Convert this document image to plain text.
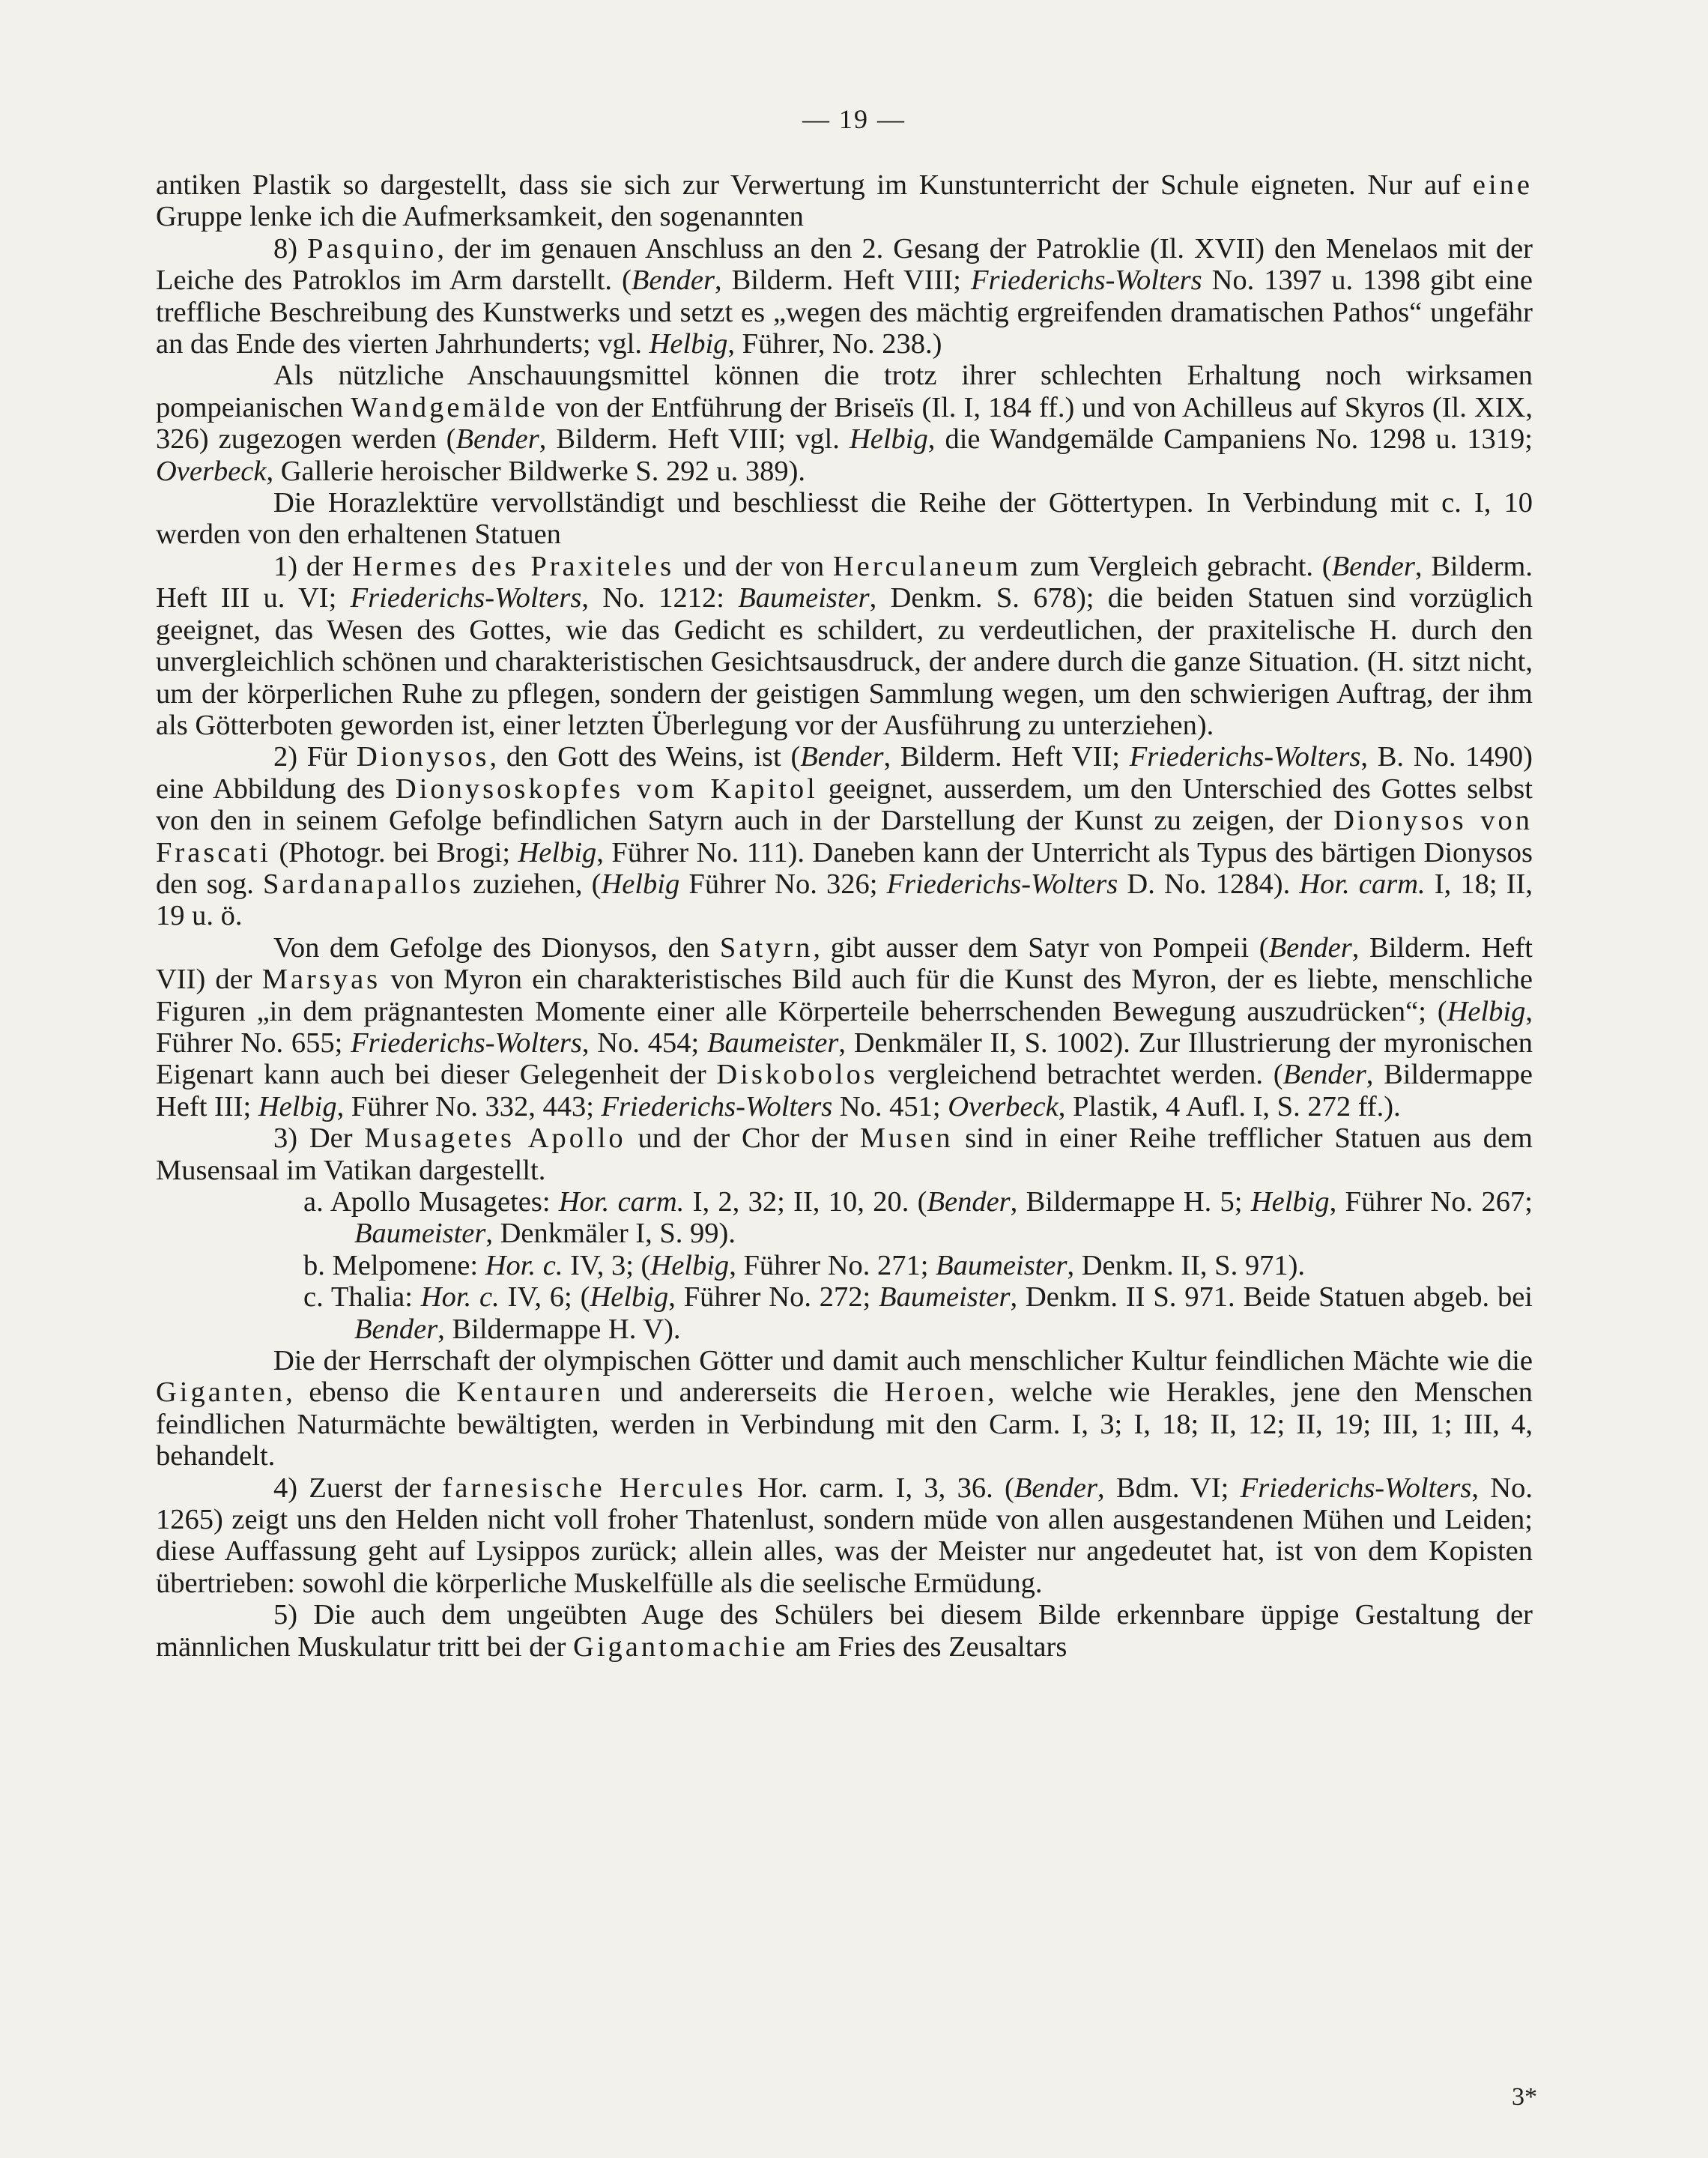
— 19 —

antiken Plastik so dargestellt, dass sie sich zur Verwertung im Kunstunterricht der Schule eigneten. Nur auf eine Gruppe lenke ich die Aufmerksamkeit, den sogenannten

8) Pasquino, der im genauen Anschluss an den 2. Gesang der Patroklie (Il. XVII) den Menelaos mit der Leiche des Patroklos im Arm darstellt. (Bender, Bilderm. Heft VIII; Friederichs-Wolters No. 1397 u. 1398 gibt eine treffliche Beschreibung des Kunstwerks und setzt es „wegen des mächtig ergreifenden dramatischen Pathos“ ungefähr an das Ende des vierten Jahrhunderts; vgl. Helbig, Führer, No. 238.)

Als nützliche Anschauungsmittel können die trotz ihrer schlechten Erhaltung noch wirksamen pompeianischen Wandgemälde von der Entführung der Briseïs (Il. I, 184 ff.) und von Achilleus auf Skyros (Il. XIX, 326) zugezogen werden (Bender, Bilderm. Heft VIII; vgl. Helbig, die Wandgemälde Campaniens No. 1298 u. 1319; Overbeck, Gallerie heroischer Bildwerke S. 292 u. 389).

Die Horazlektüre vervollständigt und beschliesst die Reihe der Göttertypen. In Verbindung mit c. I, 10 werden von den erhaltenen Statuen

1) der Hermes des Praxiteles und der von Herculaneum zum Vergleich gebracht. (Bender, Bilderm. Heft III u. VI; Friederichs-Wolters, No. 1212: Baumeister, Denkm. S. 678); die beiden Statuen sind vorzüglich geeignet, das Wesen des Gottes, wie das Gedicht es schildert, zu verdeutlichen, der praxitelische H. durch den unvergleichlich schönen und charakteristischen Gesichtsausdruck, der andere durch die ganze Situation. (H. sitzt nicht, um der körperlichen Ruhe zu pflegen, sondern der geistigen Sammlung wegen, um den schwierigen Auftrag, der ihm als Götterboten geworden ist, einer letzten Überlegung vor der Ausführung zu unterziehen).

2) Für Dionysos, den Gott des Weins, ist (Bender, Bilderm. Heft VII; Friederichs-Wolters, B. No. 1490) eine Abbildung des Dionysoskopfes vom Kapitol geeignet, ausserdem, um den Unterschied des Gottes selbst von den in seinem Gefolge befindlichen Satyrn auch in der Darstellung der Kunst zu zeigen, der Dionysos von Frascati (Photogr. bei Brogi; Helbig, Führer No. 111). Daneben kann der Unterricht als Typus des bärtigen Dionysos den sog. Sardanapallos zuziehen, (Helbig Führer No. 326; Friederichs-Wolters D. No. 1284). Hor. carm. I, 18; II, 19 u. ö.

Von dem Gefolge des Dionysos, den Satyrn, gibt ausser dem Satyr von Pompeii (Bender, Bilderm. Heft VII) der Marsyas von Myron ein charakteristisches Bild auch für die Kunst des Myron, der es liebte, menschliche Figuren „in dem prägnantesten Momente einer alle Körperteile beherrschenden Bewegung auszudrücken“; (Helbig, Führer No. 655; Friederichs-Wolters, No. 454; Baumeister, Denkmäler II, S. 1002). Zur Illustrierung der myronischen Eigenart kann auch bei dieser Gelegenheit der Diskobolos vergleichend betrachtet werden. (Bender, Bildermappe Heft III; Helbig, Führer No. 332, 443; Friederichs-Wolters No. 451; Overbeck, Plastik, 4 Aufl. I, S. 272 ff.).

3) Der Musagetes Apollo und der Chor der Musen sind in einer Reihe trefflicher Statuen aus dem Musensaal im Vatikan dargestellt.

a. Apollo Musagetes: Hor. carm. I, 2, 32; II, 10, 20. (Bender, Bildermappe H. 5; Helbig, Führer No. 267; Baumeister, Denkmäler I, S. 99).

b. Melpomene: Hor. c. IV, 3; (Helbig, Führer No. 271; Baumeister, Denkm. II, S. 971).

c. Thalia: Hor. c. IV, 6; (Helbig, Führer No. 272; Baumeister, Denkm. II S. 971. Beide Statuen abgeb. bei Bender, Bildermappe H. V).

Die der Herrschaft der olympischen Götter und damit auch menschlicher Kultur feindlichen Mächte wie die Giganten, ebenso die Kentauren und andererseits die Heroen, welche wie Herakles, jene den Menschen feindlichen Naturmächte bewältigten, werden in Verbindung mit den Carm. I, 3; I, 18; II, 12; II, 19; III, 1; III, 4, behandelt.

4) Zuerst der farnesische Hercules Hor. carm. I, 3, 36. (Bender, Bdm. VI; Friederichs-Wolters, No. 1265) zeigt uns den Helden nicht voll froher Thatenlust, sondern müde von allen ausgestandenen Mühen und Leiden; diese Auffassung geht auf Lysippos zurück; allein alles, was der Meister nur angedeutet hat, ist von dem Kopisten übertrieben: sowohl die körperliche Muskelfülle als die seelische Ermüdung.

5) Die auch dem ungeübten Auge des Schülers bei diesem Bilde erkennbare üppige Gestaltung der männlichen Muskulatur tritt bei der Gigantomachie am Fries des Zeusaltars

3*
